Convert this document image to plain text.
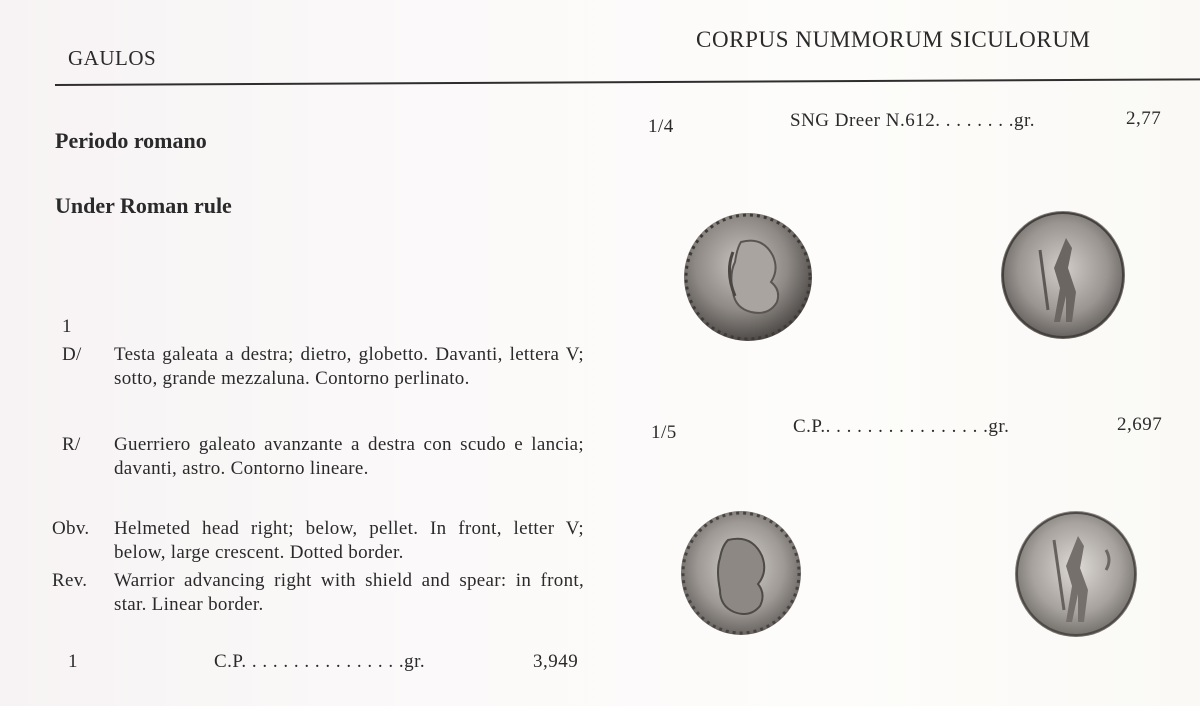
GAULOS
CORPUS NUMMORUM SICULORUM
Periodo romano
Under Roman rule
1
D/ Testa galeata a destra; dietro, globetto. Davanti, lettera V; sotto, grande mezzaluna. Contorno perlinato.
R/ Guerriero galeato avanzante a destra con scudo e lancia; davanti, astro. Contorno lineare.
Obv. Helmeted head right; below, pellet. In front, letter V; below, large crescent. Dotted border.
Rev. Warrior advancing right with shield and spear: in front, star. Linear border.
1	C.P. . . . . . . . . . . . . . . .gr.	3,949
1/4	SNG Dreer N.612. . . . . . . .gr.	2,77
1/5	C.P.. . . . . . . . . . . . . . . .gr.	2,697
